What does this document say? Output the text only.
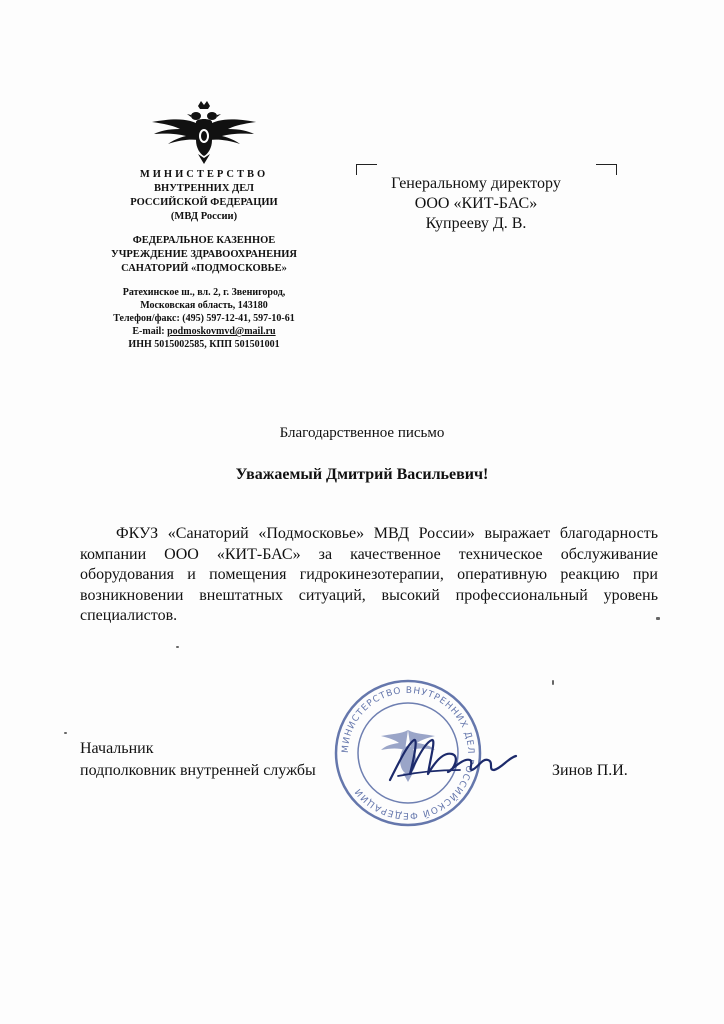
МИНИСТЕРСТВО
ВНУТРЕННИХ ДЕЛ
РОССИЙСКОЙ ФЕДЕРАЦИИ
(МВД России)
ФЕДЕРАЛЬНОЕ КАЗЕННОЕ
УЧРЕЖДЕНИЕ ЗДРАВООХРАНЕНИЯ
САНАТОРИЙ «ПОДМОСКОВЬЕ»
Ратехинское ш., вл. 2, г. Звенигород,
Московская область, 143180
Телефон/факс: (495) 597-12-41, 597-10-61
E-mail: podmoskovmvd@mail.ru
ИНН 5015002585, КПП 501501001
Генеральному директору
ООО «КИТ-БАС»
Купрееву Д. В.
Благодарственное письмо
Уважаемый Дмитрий Васильевич!
ФКУЗ «Санаторий «Подмосковье» МВД России» выражает благодарность компании ООО «КИТ-БАС» за качественное техническое обслуживание оборудования и помещения гидрокинезотерапии, оперативную реакцию при возникновении внештатных ситуаций, высокий профессиональный уровень специалистов.
МИНИСТЕРСТВО ВНУТРЕННИХ ДЕЛ РОССИЙСКОЙ ФЕДЕРАЦИИ
Начальник
подполковник внутренней службы	Зинов П.И.
